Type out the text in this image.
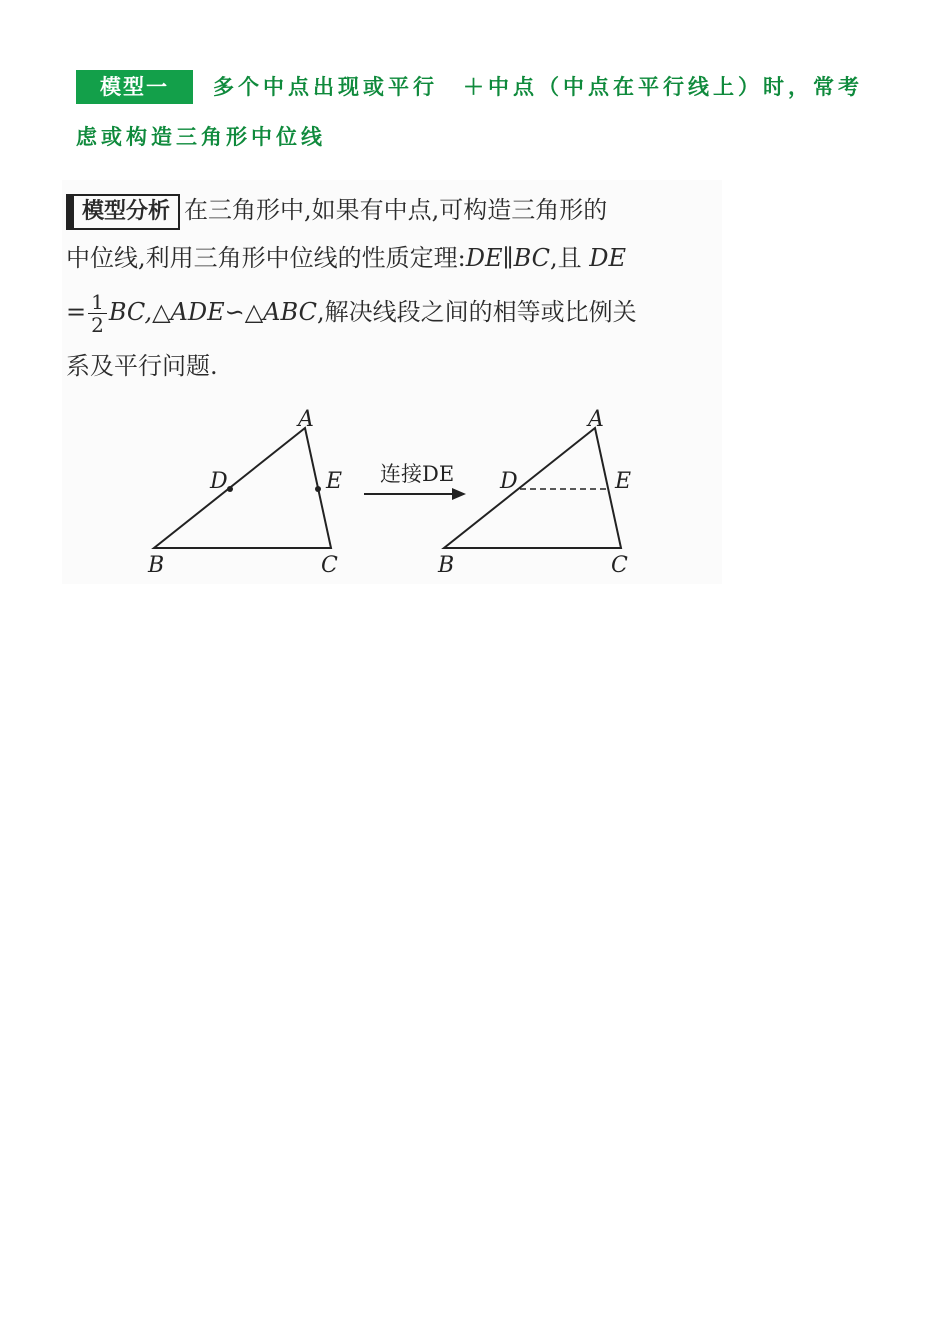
模型一 多个中点出现或平行　＋中点（中点在平行线上）时，常考虑或构造三角形中位线
模型分析 在三角形中,如果有中点,可构造三角形的
中位线,利用三角形中位线的性质定理:DE∥BC,且 DE
= $\frac{1}{2}$ BC,△ADE∽△ABC,解决线段之间的相等或比例关
系及平行问题.
A
D	E
B	C
连接DE
A
D	E
B	C
